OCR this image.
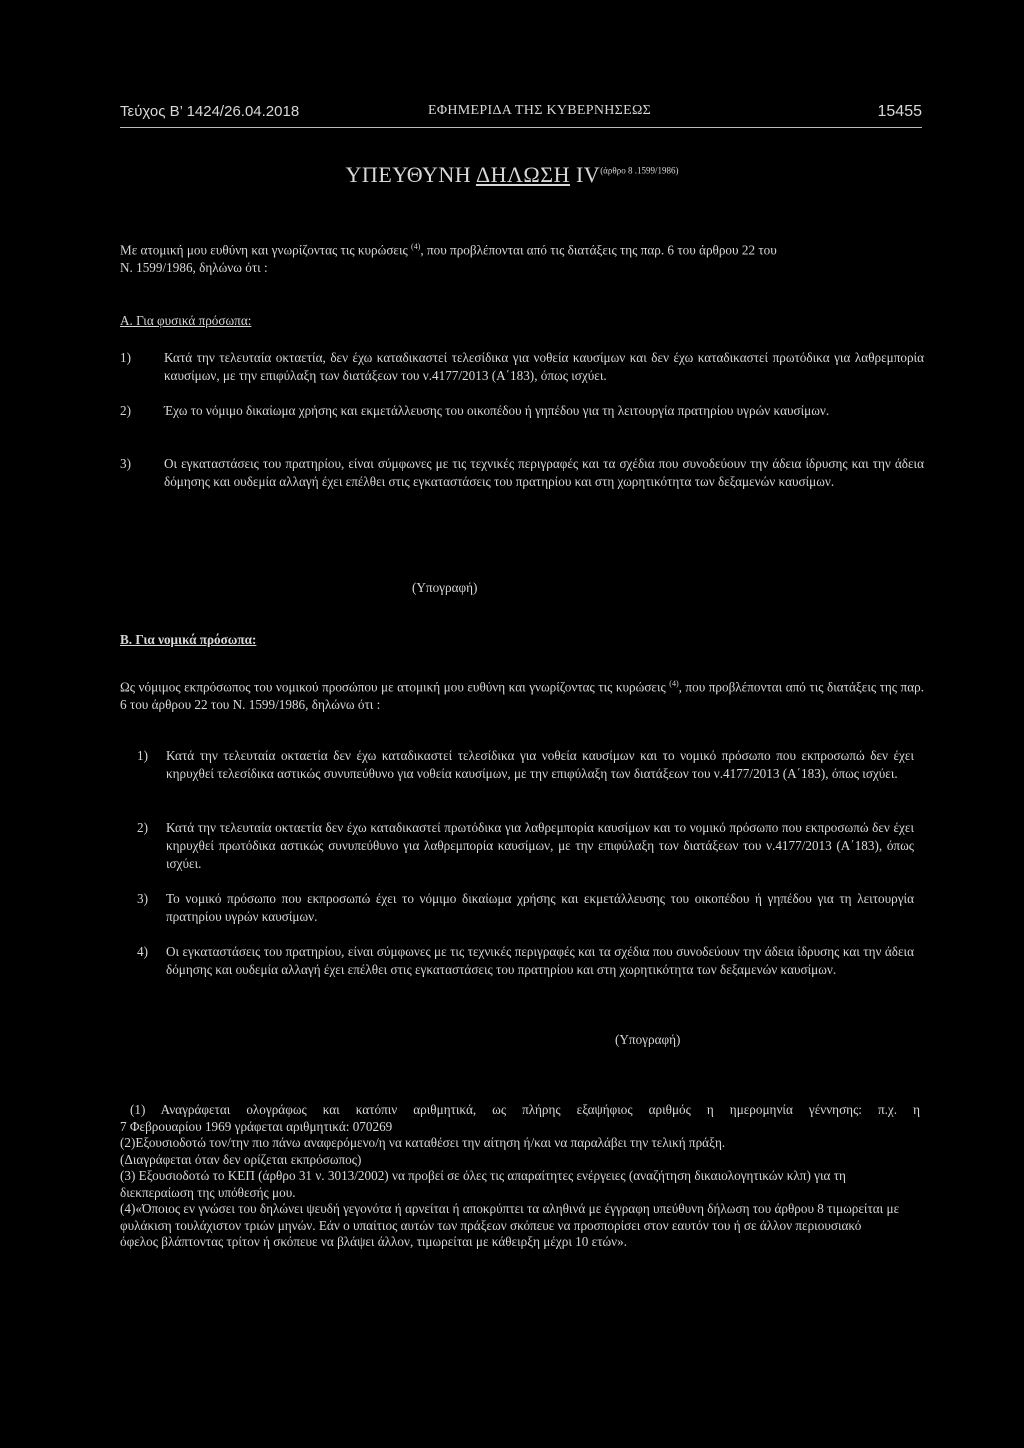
Τεύχος Β’ 1424/26.04.2018	ΕΦΗΜΕΡΙΔΑ ΤΗΣ ΚΥΒΕΡΝΗΣΕΩΣ	15455
ΥΠΕΥΘΥΝΗ ΔΗΛΩΣΗ $IV^{(ά\rho\theta\rho o 8 .1599/1986)}$
Με ατομική μου ευθύνη και γνωρίζοντας τις κυρώσεις $^{(4)}$, που προβλέπονται από τις διατάξεις της παρ. 6 του άρθρου 22 του
Ν. 1599/1986, δηλώνω ότι :
Α. Για φυσικά πρόσωπα:
1)	Κατά την τελευταία οκταετία, δεν έχω καταδικαστεί τελεσίδικα για νοθεία καυσίμων και δεν έχω καταδικαστεί πρωτόδικα για λαθρεμπορία καυσίμων, με την επιφύλαξη των διατάξεων του ν.4177/2013 (Α΄183), όπως ισχύει.
2)	Έχω το νόμιμο δικαίωμα χρήσης και εκμετάλλευσης του οικοπέδου ή γηπέδου για τη λειτουργία πρατηρίου υγρών καυσίμων.
3)	Οι εγκαταστάσεις του πρατηρίου, είναι σύμφωνες με τις τεχνικές περιγραφές και τα σχέδια που συνοδεύουν την άδεια ίδρυσης και την άδεια δόμησης και ουδεμία αλλαγή έχει επέλθει στις εγκαταστάσεις του πρατηρίου και στη χωρητικότητα των δεξαμενών καυσίμων.
(Υπογραφή)
Β. Για νομικά πρόσωπα:
Ως νόμιμος εκπρόσωπος του νομικού προσώπου με ατομική μου ευθύνη και γνωρίζοντας τις κυρώσεις $^{(4)}$, που προβλέπονται από τις διατάξεις της παρ. 6 του άρθρου 22 του Ν. 1599/1986, δηλώνω ότι :
1) Κατά την τελευταία οκταετία δεν έχω καταδικαστεί τελεσίδικα για νοθεία καυσίμων και το νομικό πρόσωπο που εκπροσωπώ δεν έχει κηρυχθεί τελεσίδικα αστικώς συνυπεύθυνο για νοθεία καυσίμων, με την επιφύλαξη των διατάξεων του ν.4177/2013 (Α΄183), όπως ισχύει.
2) Κατά την τελευταία οκταετία δεν έχω καταδικαστεί πρωτόδικα για λαθρεμπορία καυσίμων και το νομικό πρόσωπο που εκπροσωπώ δεν έχει κηρυχθεί πρωτόδικα αστικώς συνυπεύθυνο για λαθρεμπορία καυσίμων, με την επιφύλαξη των διατάξεων του ν.4177/2013 (Α΄183), όπως ισχύει.
3) Το νομικό πρόσωπο που εκπροσωπώ έχει το νόμιμο δικαίωμα χρήσης και εκμετάλλευσης του οικοπέδου ή γηπέδου για τη λειτουργία πρατηρίου υγρών καυσίμων.
4) Οι εγκαταστάσεις του πρατηρίου, είναι σύμφωνες με τις τεχνικές περιγραφές και τα σχέδια που συνοδεύουν την άδεια ίδρυσης και την άδεια δόμησης και ουδεμία αλλαγή έχει επέλθει στις εγκαταστάσεις του πρατηρίου και στη χωρητικότητα των δεξαμενών καυσίμων.
(Υπογραφή)
(1) Αναγράφεται ολογράφως και κατόπιν αριθμητικά, ως πλήρης εξαψήφιος αριθμός η ημερομηνία γέννησης: π.χ. η
7 Φεβρουαρίου 1969 γράφεται αριθμητικά: 070269
(2)Εξουσιοδοτώ τον/την πιο πάνω αναφερόμενο/η να καταθέσει την αίτηση ή/και να παραλάβει την τελική πράξη.
(Διαγράφεται όταν δεν ορίζεται εκπρόσωπος)
(3) Εξουσιοδοτώ το ΚΕΠ (άρθρο 31 ν. 3013/2002) να προβεί σε όλες τις απαραίτητες ενέργειες (αναζήτηση δικαιολογητικών κλπ) για τη διεκπεραίωση της υπόθεσής μου.
(4)«Όποιος εν γνώσει του δηλώνει ψευδή γεγονότα ή αρνείται ή αποκρύπτει τα αληθινά με έγγραφη υπεύθυνη δήλωση του άρθρου 8 τιμωρείται με φυλάκιση τουλάχιστον τριών μηνών. Εάν ο υπαίτιος αυτών των πράξεων σκόπευε να προσπορίσει στον εαυτόν του ή σε άλλον περιουσιακό όφελος βλάπτοντας τρίτον ή σκόπευε να βλάψει άλλον, τιμωρείται με κάθειρξη μέχρι 10 ετών».
